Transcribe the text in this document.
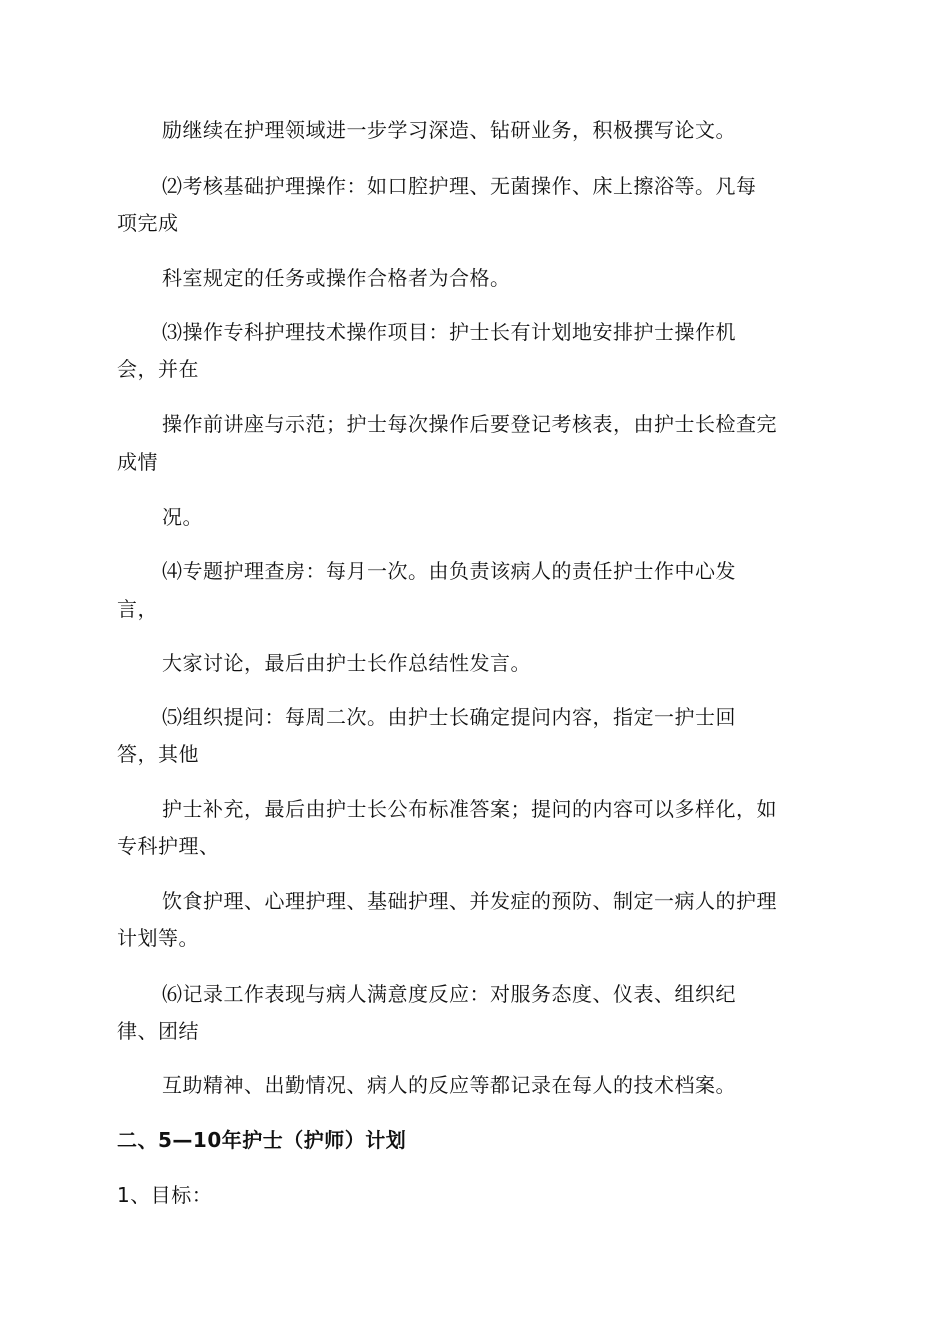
励继续在护理领域进一步学习深造、钻研业务，积极撰写论文。
⑵考核基础护理操作：如口腔护理、无菌操作、床上擦浴等。凡每
项完成
科室规定的任务或操作合格者为合格。
⑶操作专科护理技术操作项目：护士长有计划地安排护士操作机
会，并在
操作前讲座与示范；护士每次操作后要登记考核表，由护士长检查完
成情
况。
⑷专题护理查房：每月一次。由负责该病人的责任护士作中心发
言，
大家讨论，最后由护士长作总结性发言。
⑸组织提问：每周二次。由护士长确定提问内容，指定一护士回
答，其他
护士补充，最后由护士长公布标准答案；提问的内容可以多样化，如
专科护理、
饮食护理、心理护理、基础护理、并发症的预防、制定一病人的护理
计划等。
⑹记录工作表现与病人满意度反应：对服务态度、仪表、组织纪
律、团结
互助精神、出勤情况、病人的反应等都记录在每人的技术档案。
二、5—10年护士（护师）计划
1、目标：
